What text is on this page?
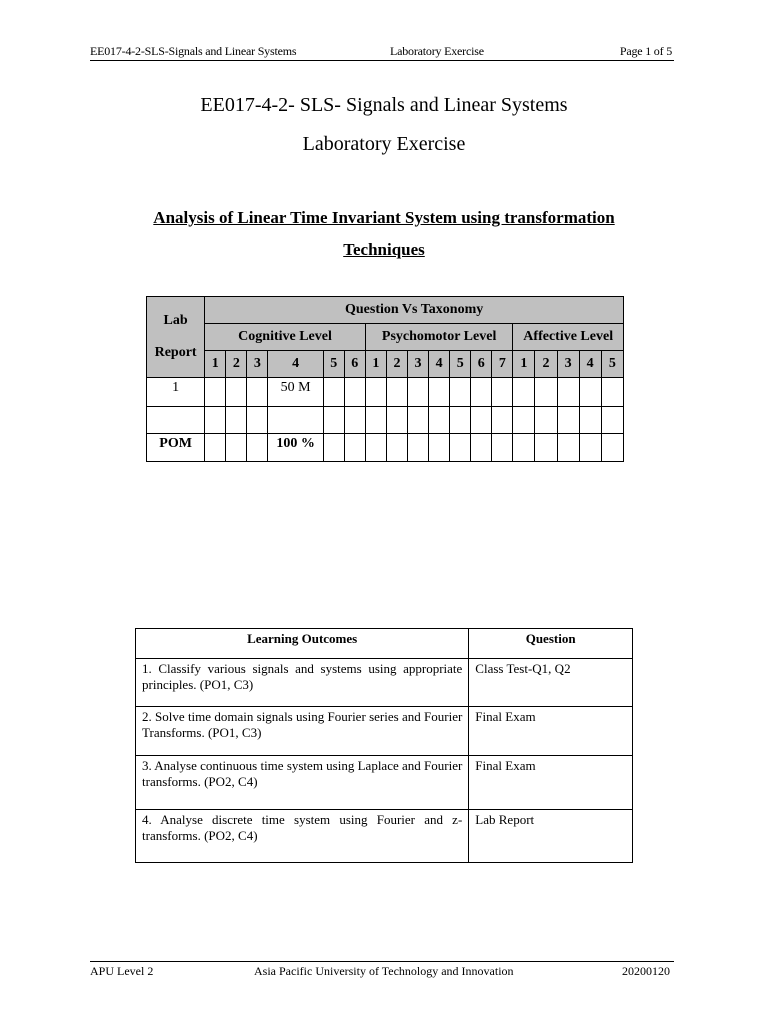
EE017-4-2-SLS-Signals and Linear Systems	Laboratory Exercise	Page 1 of 5
EE017-4-2- SLS- Signals and Linear Systems
Laboratory Exercise
Analysis of Linear Time Invariant System using transformation
Techniques
Lab

Report	Question Vs Taxonomy																	
	Cognitive Level						Psychomotor Level							Affective Level				
	1	2	3	4	5	6	1	2	3	4	5	6	7	1	2	3	4	5
1				50 M														

POM				100 %														
Learning Outcomes	Question
1. Classify various signals and systems using appropriate principles. (PO1, C3)	Class Test-Q1, Q2
2. Solve time domain signals using Fourier series and Fourier Transforms. (PO1, C3)	Final Exam
3. Analyse continuous time system using Laplace and Fourier transforms. (PO2, C4)	Final Exam
4. Analyse discrete time system using Fourier and z-transforms. (PO2, C4)	Lab Report
APU Level 2	Asia Pacific University of Technology and Innovation	20200120
